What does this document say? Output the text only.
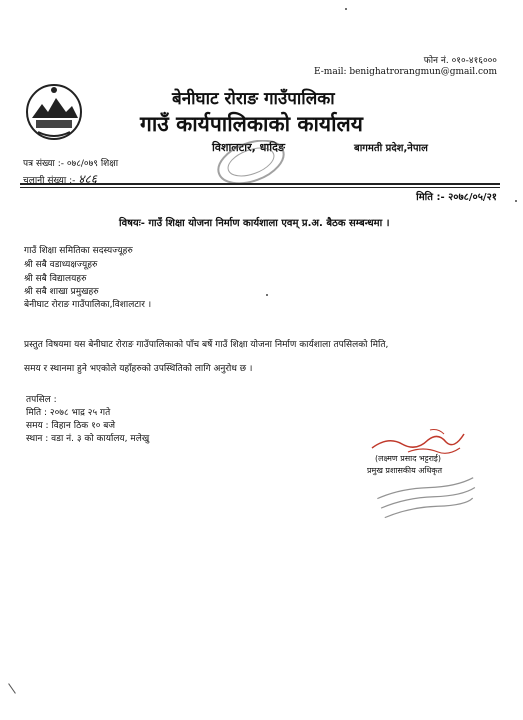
फोन नं. ०१०-४१६०००
E-mail: benighatrorangmun@gmail.com
बेनीघाट रोराङ गाउँपालिका
गाउँ कार्यपालिकाको कार्यालय
विशालटार, धादिङ	बागमती प्रदेश,नेपाल
पत्र संख्या :- ०७८/०७९ शिक्षा
चलानी संख्या :- ४८६
मिति :- २०७८/०५/२१
विषयः- गाउँ शिक्षा योजना निर्माण कार्यशाला एवम् प्र.अ. बैठक सम्बन्धमा ।
गाउँ शिक्षा समितिका सदस्यज्यूहरु
श्री सबै वडाध्यक्षज्यूहरु
श्री सबै विद्यालयहरु
श्री सबै शाखा प्रमुखहरु
बेनीघाट रोराङ गाउँपालिका,विशालटार ।
प्रस्तुत विषयमा यस बेनीघाट रोराङ गाउँपालिकाको पाँच बर्षे गाउँ शिक्षा योजना निर्माण कार्यशाला तपसिलको मिति,
समय र स्थानमा हुने भएकोले यहाँहरुको उपस्थितिको लागि अनुरोध छ ।
तपसिल :
मिति : २०७८ भाद्र २५ गते
समय : विहान ठिक १० बजे
स्थान : वडा नं. ३ को कार्यालय, मलेखु
(लक्ष्मण प्रसाद भट्टराई)
प्रमुख प्रशासकीय अधिकृत
